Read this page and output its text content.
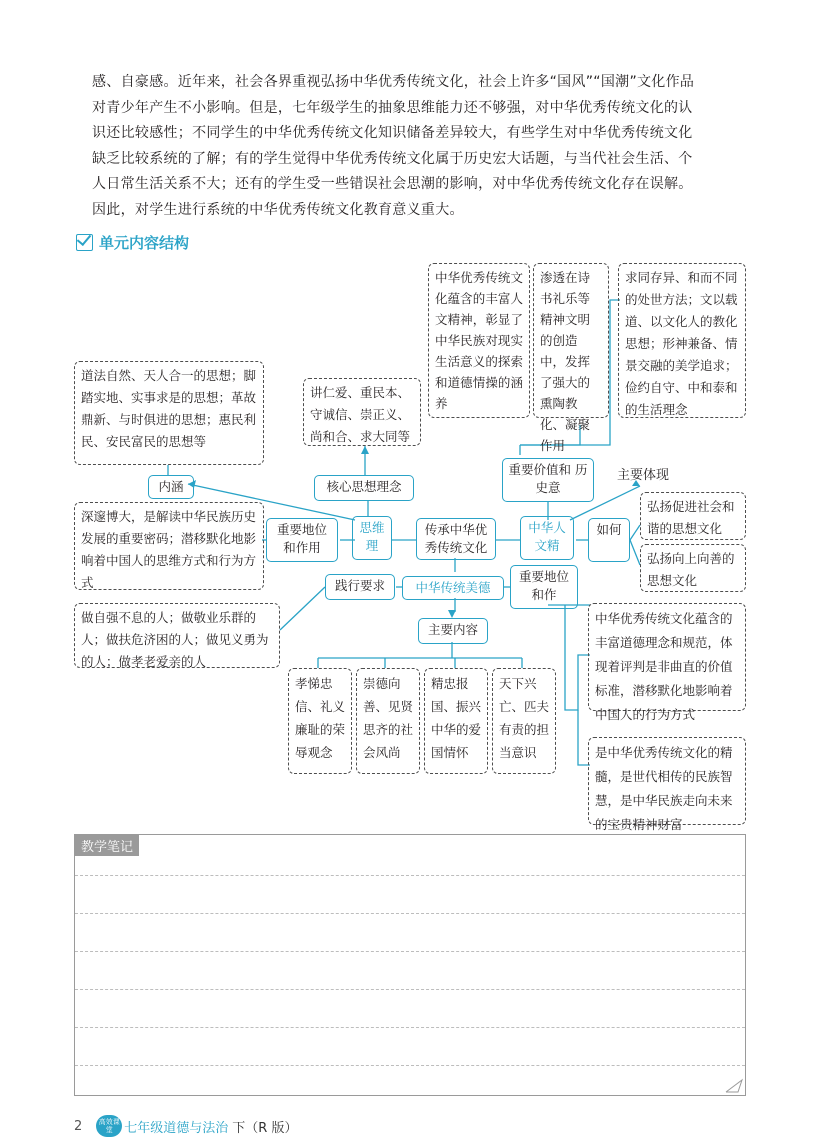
感、自豪感。近年来，社会各界重视弘扬中华优秀传统文化，社会上许多“国风”“国潮”文化作品

对青少年产生不小影响。但是，七年级学生的抽象思维能力还不够强，对中华优秀传统文化的认

识还比较感性；不同学生的中华优秀传统文化知识储备差异较大，有些学生对中华优秀传统文化

缺乏比较系统的了解；有的学生觉得中华优秀传统文化属于历史宏大话题，与当代社会生活、个

人日常生活关系不大；还有的学生受一些错误社会思潮的影响，对中华优秀传统文化存在误解。

因此，对学生进行系统的中华优秀传统文化教育意义重大。

单元内容结构
道法自然、天人合一的思想；脚踏实地、实事求是的思想；革故鼎新、与时俱进的思想；惠民利民、安民富民的思想等
讲仁爱、重民本、守诚信、崇正义、尚和合、求大同等
深邃博大，是解读中华民族历史发展的重要密码；潜移默化地影响着中国人的思维方式和行为方式
做自强不息的人；做敬业乐群的人；做扶危济困的人；做见义勇为的人；做孝老爱亲的人
中华优秀传统文化蕴含的丰富人文精神，彰显了中华民族对现实生活意义的探索和道德情操的涵养
渗透在诗书礼乐等精神文明的创造中，发挥了强大的熏陶教化、凝聚作用
求同存异、和而不同的处世方法；文以载道、以文化人的教化思想；形神兼备、情景交融的美学追求；俭约自守、中和泰和的生活理念
弘扬促进社会和谐的思想文化
弘扬向上向善的思想文化
孝悌忠信、礼义廉耻的荣辱观念
崇德向善、见贤思齐的社会风尚
精忠报国、振兴中华的爱国情怀
天下兴亡、匹夫有责的担当意识
中华优秀传统文化蕴含的丰富道德理念和规范，体现着评判是非曲直的价值标准，潜移默化地影响着中国人的行为方式
是中华优秀传统文化的精髓，是世代相传的民族智慧，是中华民族走向未来的宝贵精神财富
传承中华优秀传统文化
思维理
中华人文精
中华传统美德
内涵	核心思想理念
重要地位和作用
践行要求
重要地位和作
主要内容
重要价值和 历史意
如何
主要体现
教学笔记
2	高效课堂 七年级道德与法治 下（R 版）
